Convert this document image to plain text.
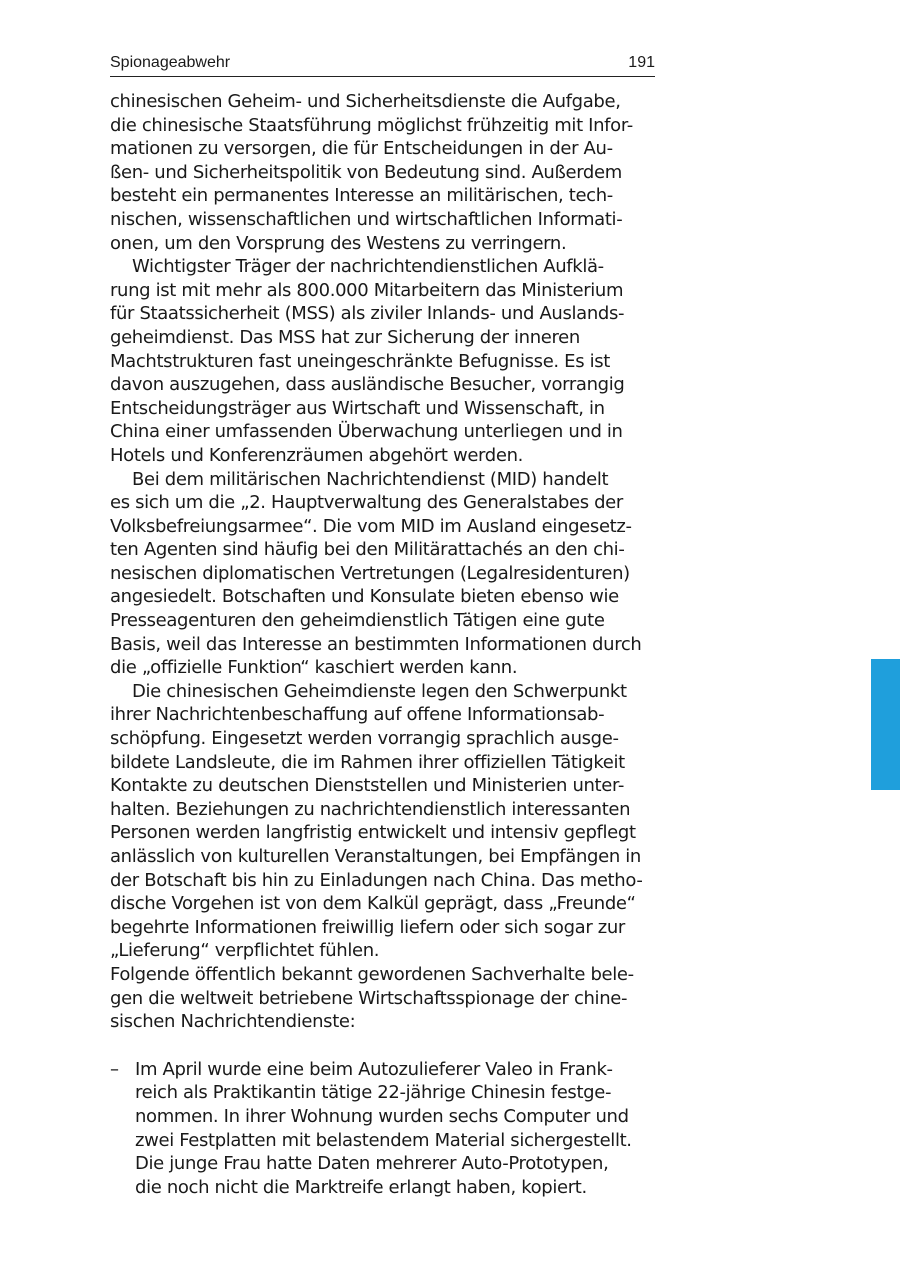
Spionageabwehr	191
chinesischen Geheim- und Sicherheitsdienste die Aufgabe,
die chinesische Staatsführung möglichst frühzeitig mit Infor-
mationen zu versorgen, die für Entscheidungen in der Au-
ßen- und Sicherheitspolitik von Bedeutung sind. Außerdem
besteht ein permanentes Interesse an militärischen, tech-
nischen, wissenschaftlichen und wirtschaftlichen Informati-
onen, um den Vorsprung des Westens zu verringern.
Wichtigster Träger der nachrichtendienstlichen Aufklä-
rung ist mit mehr als 800.000 Mitarbeitern das Ministerium
für Staatssicherheit (MSS) als ziviler Inlands- und Auslands-
geheimdienst. Das MSS hat zur Sicherung der inneren
Machtstrukturen fast uneingeschränkte Befugnisse. Es ist
davon auszugehen, dass ausländische Besucher, vorrangig
Entscheidungsträger aus Wirtschaft und Wissenschaft, in
China einer umfassenden Überwachung unterliegen und in
Hotels und Konferenzräumen abgehört werden.
Bei dem militärischen Nachrichtendienst (MID) handelt
es sich um die „2. Hauptverwaltung des Generalstabes der
Volksbefreiungsarmee“. Die vom MID im Ausland eingesetz-
ten Agenten sind häufig bei den Militärattachés an den chi-
nesischen diplomatischen Vertretungen (Legalresidenturen)
angesiedelt. Botschaften und Konsulate bieten ebenso wie
Presseagenturen den geheimdienstlich Tätigen eine gute
Basis, weil das Interesse an bestimmten Informationen durch
die „offizielle Funktion“ kaschiert werden kann.
Die chinesischen Geheimdienste legen den Schwerpunkt
ihrer Nachrichtenbeschaffung auf offene Informationsab-
schöpfung. Eingesetzt werden vorrangig sprachlich ausge-
bildete Landsleute, die im Rahmen ihrer offiziellen Tätigkeit
Kontakte zu deutschen Dienststellen und Ministerien unter-
halten. Beziehungen zu nachrichtendienstlich interessanten
Personen werden langfristig entwickelt und intensiv gepflegt
anlässlich von kulturellen Veranstaltungen, bei Empfängen in
der Botschaft bis hin zu Einladungen nach China. Das metho-
dische Vorgehen ist von dem Kalkül geprägt, dass „Freunde“
begehrte Informationen freiwillig liefern oder sich sogar zur
„Lieferung“ verpflichtet fühlen.
Folgende öffentlich bekannt gewordenen Sachverhalte bele-
gen die weltweit betriebene Wirtschaftsspionage der chine-
sischen Nachrichtendienste:
– Im April wurde eine beim Autozulieferer Valeo in Frank-
reich als Praktikantin tätige 22-jährige Chinesin festge-
nommen. In ihrer Wohnung wurden sechs Computer und
zwei Festplatten mit belastendem Material sichergestellt.
Die junge Frau hatte Daten mehrerer Auto-Prototypen,
die noch nicht die Marktreife erlangt haben, kopiert.
